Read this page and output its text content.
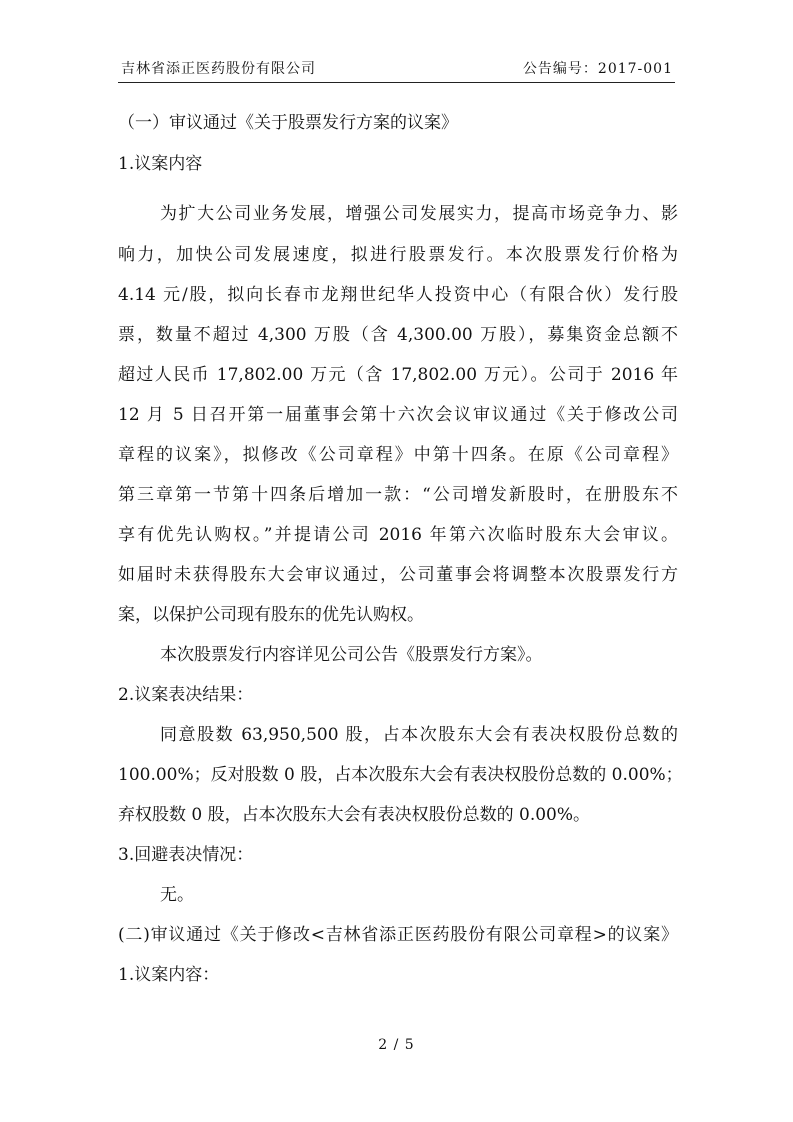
吉林省添正医药股份有限公司	公告编号：2017-001
（一）审议通过《关于股票发行方案的议案》
1.议案内容
为扩大公司业务发展，增强公司发展实力，提高市场竞争力、影
响力，加快公司发展速度，拟进行股票发行。本次股票发行价格为
4.14 元/股，拟向长春市龙翔世纪华人投资中心（有限合伙）发行股
票，数量不超过 4,300 万股（含 4,300.00 万股），募集资金总额不
超过人民币 17,802.00 万元（含 17,802.00 万元）。公司于 2016 年
12 月 5 日召开第一届董事会第十六次会议审议通过《关于修改公司
章程的议案》，拟修改《公司章程》中第十四条。在原《公司章程》
第三章第一节第十四条后增加一款：“公司增发新股时，在册股东不
享有优先认购权。”并提请公司 2016 年第六次临时股东大会审议。
如届时未获得股东大会审议通过，公司董事会将调整本次股票发行方
案，以保护公司现有股东的优先认购权。
本次股票发行内容详见公司公告《股票发行方案》。
2.议案表决结果：
同意股数 63,950,500 股，占本次股东大会有表决权股份总数的
100.00%；反对股数 0 股，占本次股东大会有表决权股份总数的 0.00%；
弃权股数 0 股，占本次股东大会有表决权股份总数的 0.00%。
3.回避表决情况：
无。
(二)审议通过《关于修改<吉林省添正医药股份有限公司章程>的议案》
1.议案内容：
2 / 5
